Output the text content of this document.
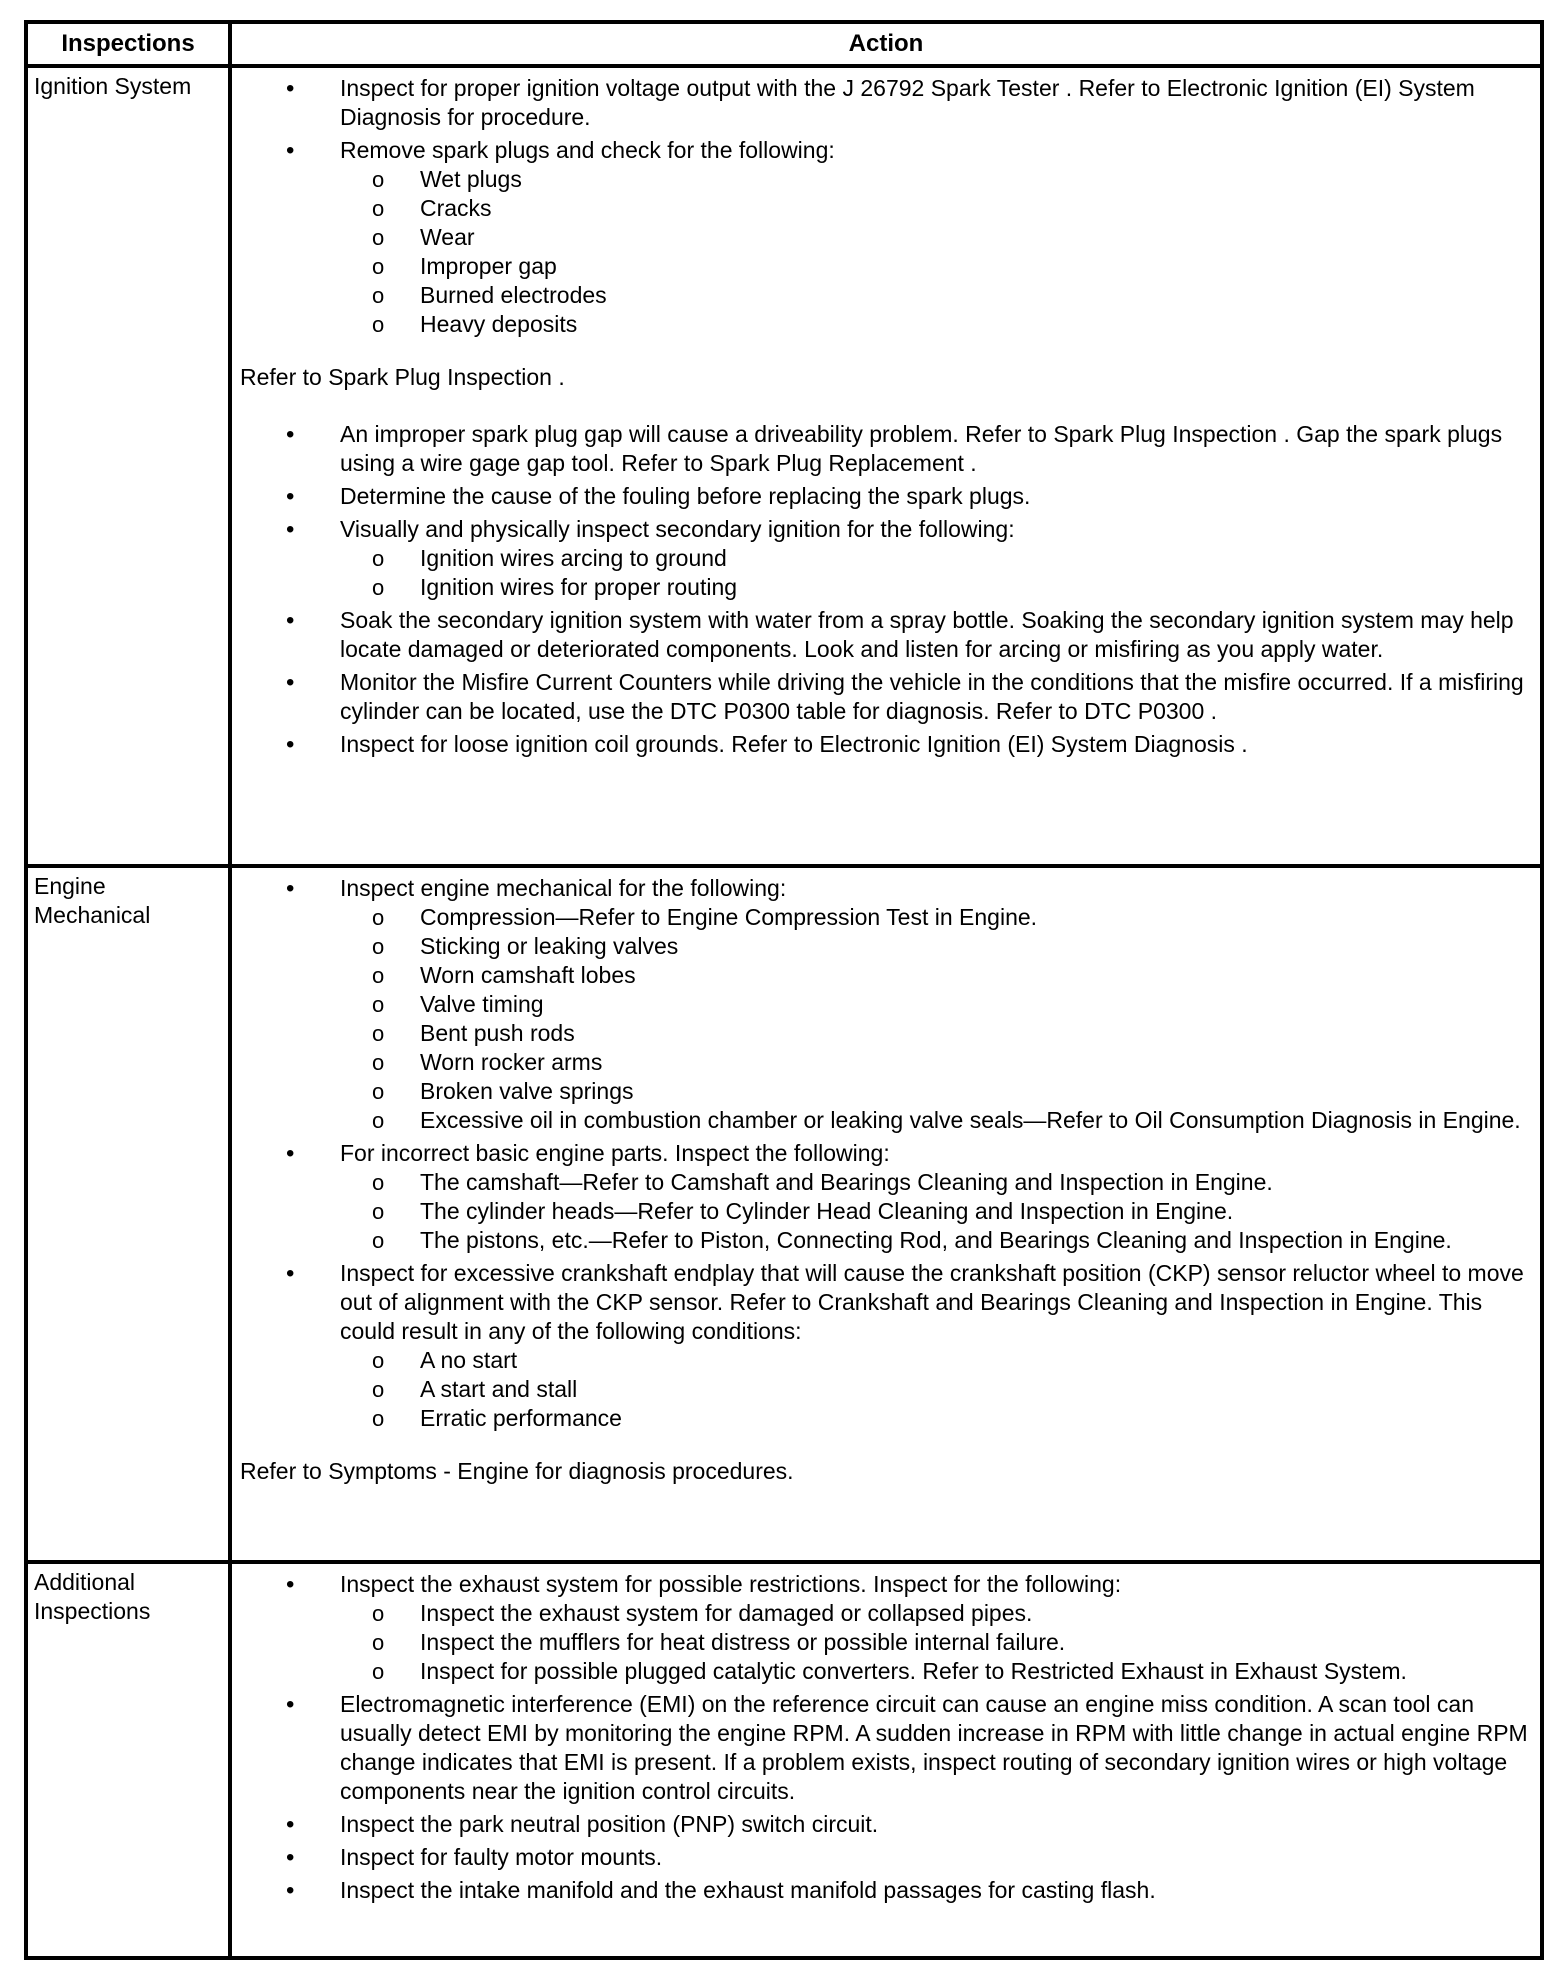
Inspections	Action
Ignition System
•	Inspect for proper ignition voltage output with the J 26792 Spark Tester . Refer to Electronic Ignition (EI) System Diagnosis for procedure.
• Remove spark plugs and check for the following:
o Wet plugs
o Cracks
o Wear
o Improper gap
o Burned electrodes
o Heavy deposits
Refer to Spark Plug Inspection .
• An improper spark plug gap will cause a driveability problem. Refer to Spark Plug Inspection . Gap the spark plugs using a wire gage gap tool. Refer to Spark Plug Replacement .
• Determine the cause of the fouling before replacing the spark plugs.
• Visually and physically inspect secondary ignition for the following:
o Ignition wires arcing to ground
o Ignition wires for proper routing
• Soak the secondary ignition system with water from a spray bottle. Soaking the secondary ignition system may help locate damaged or deteriorated components. Look and listen for arcing or misfiring as you apply water.
• Monitor the Misfire Current Counters while driving the vehicle in the conditions that the misfire occurred. If a misfiring cylinder can be located, use the DTC P0300 table for diagnosis. Refer to DTC P0300 .
• Inspect for loose ignition coil grounds. Refer to Electronic Ignition (EI) System Diagnosis .
Engine Mechanical
• Inspect engine mechanical for the following:
o Compression—Refer to Engine Compression Test in Engine.
o Sticking or leaking valves
o Worn camshaft lobes
o Valve timing
o Bent push rods
o Worn rocker arms
o Broken valve springs
o Excessive oil in combustion chamber or leaking valve seals—Refer to Oil Consumption Diagnosis in Engine.
• For incorrect basic engine parts. Inspect the following:
o The camshaft—Refer to Camshaft and Bearings Cleaning and Inspection in Engine.
o The cylinder heads—Refer to Cylinder Head Cleaning and Inspection in Engine.
o The pistons, etc.—Refer to Piston, Connecting Rod, and Bearings Cleaning and Inspection in Engine.
• Inspect for excessive crankshaft endplay that will cause the crankshaft position (CKP) sensor reluctor wheel to move out of alignment with the CKP sensor. Refer to Crankshaft and Bearings Cleaning and Inspection in Engine. This could result in any of the following conditions:
o A no start
o A start and stall
o Erratic performance
Refer to Symptoms - Engine for diagnosis procedures.
Additional Inspections
• Inspect the exhaust system for possible restrictions. Inspect for the following:
o Inspect the exhaust system for damaged or collapsed pipes.
o Inspect the mufflers for heat distress or possible internal failure.
o Inspect for possible plugged catalytic converters. Refer to Restricted Exhaust in Exhaust System.
• Electromagnetic interference (EMI) on the reference circuit can cause an engine miss condition. A scan tool can usually detect EMI by monitoring the engine RPM. A sudden increase in RPM with little change in actual engine RPM change indicates that EMI is present. If a problem exists, inspect routing of secondary ignition wires or high voltage components near the ignition control circuits.
• Inspect the park neutral position (PNP) switch circuit.
• Inspect for faulty motor mounts.
• Inspect the intake manifold and the exhaust manifold passages for casting flash.
